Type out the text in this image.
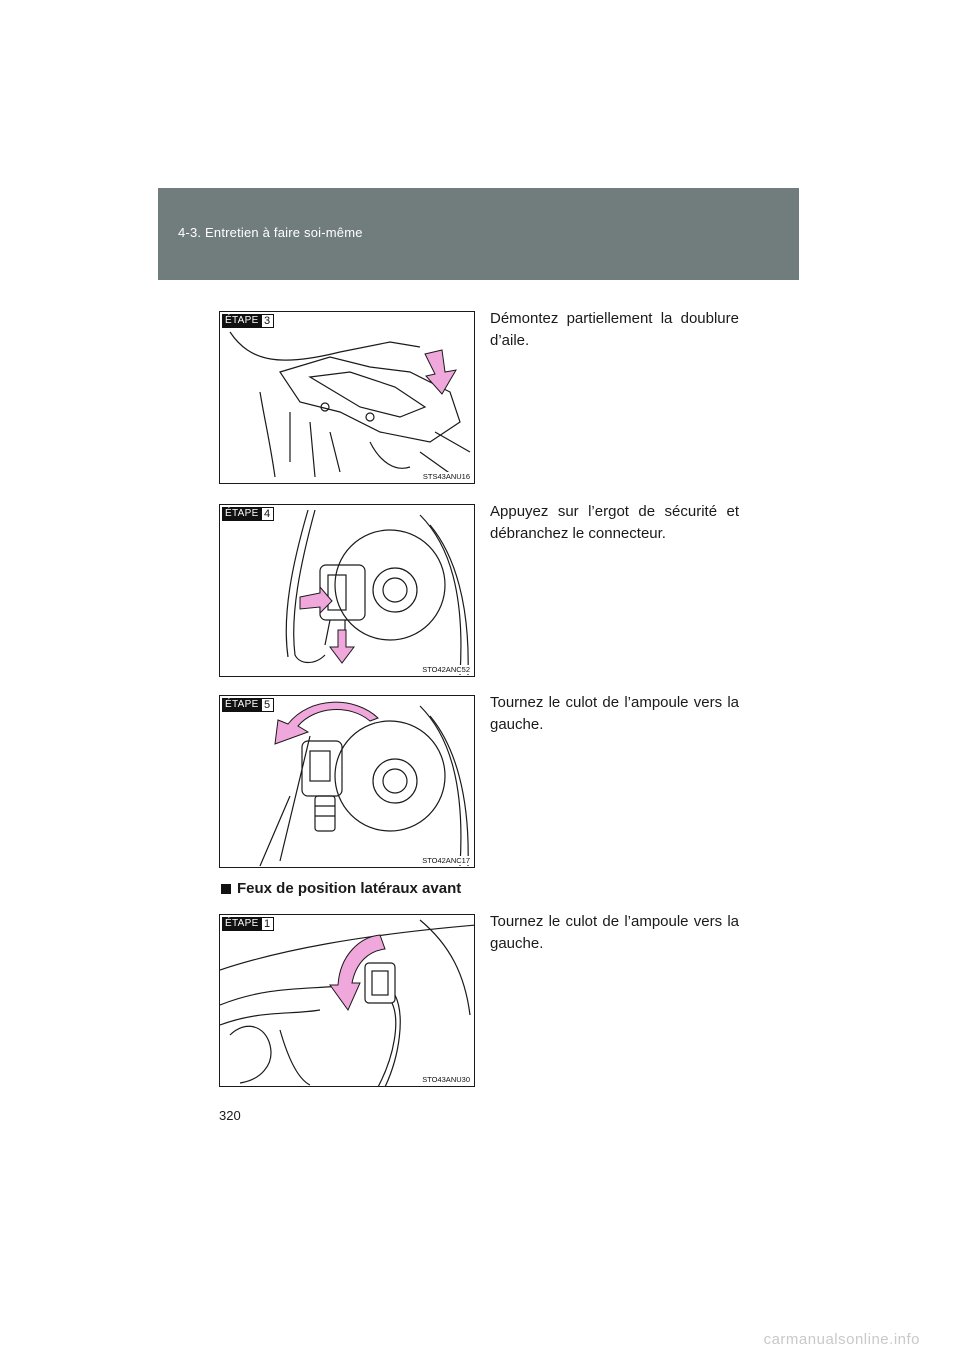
4-3. Entretien à faire soi-même
ÉTAPE 3
STS43ANU16
Démontez partiellement la doublure d’aile.
ÉTAPE 4
STO42ANC52
Appuyez sur l’ergot de sécurité et débranchez le connecteur.
ÉTAPE 5
STO42ANC17
Tournez le culot de l’ampoule vers la gauche.
Feux de position latéraux avant
ÉTAPE 1
STO43ANU30
Tournez le culot de l’ampoule vers la gauche.
320
carmanualsonline.info
